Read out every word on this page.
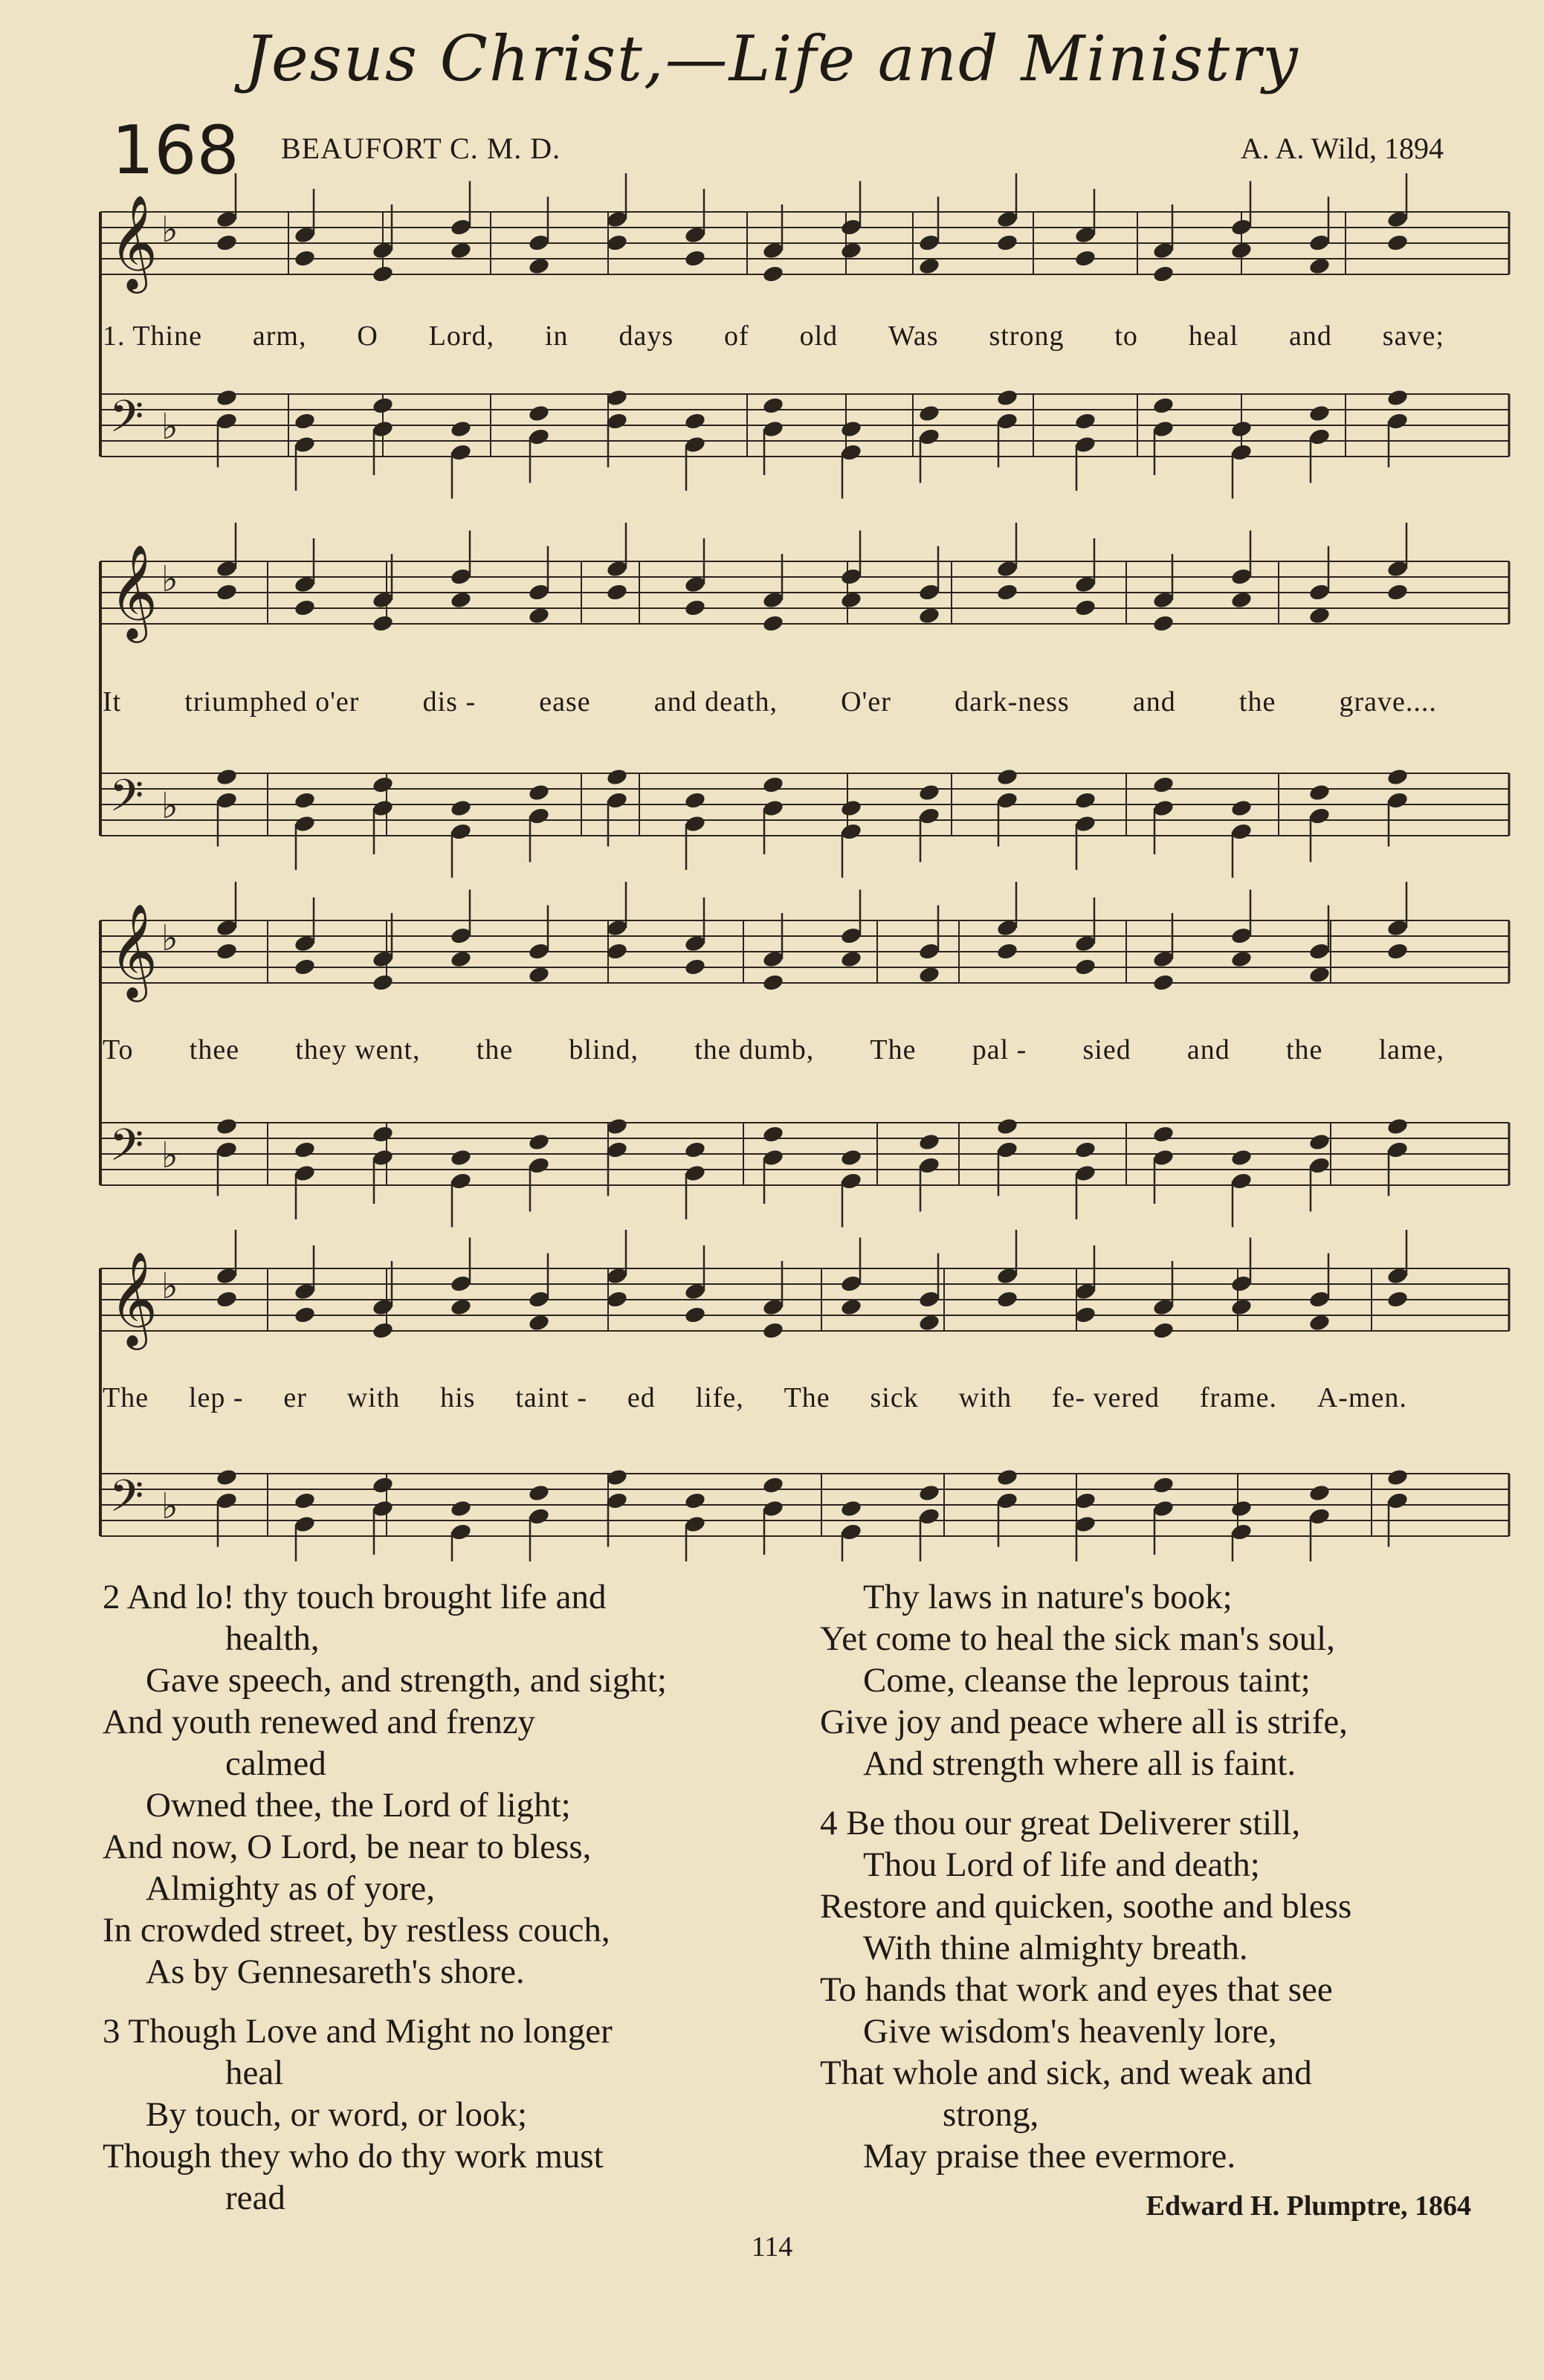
Jesus Christ,—Life and Ministry
168 BEAUFORT C. M. D.	A. A. Wild, 1894
𝄞 ♭
𝄢 ♭
𝄞 ♭
𝄢 ♭
𝄞 ♭
𝄢 ♭
𝄞 ♭
𝄢 ♭
1. Thine arm, O Lord, in days of old Was strong to heal and save;
It triumphed o'er dis - ease and death, O'er dark-ness and the grave....
To thee they went, the blind, the dumb, The pal - sied and the lame,
The lep - er with his taint - ed life, The sick with fe- vered frame. A-men.
2 And lo! thy touch brought life and
health,
Gave speech, and strength, and sight;
And youth renewed and frenzy
calmed
Owned thee, the Lord of light;
And now, O Lord, be near to bless,
Almighty as of yore,
In crowded street, by restless couch,
As by Gennesareth's shore.
3 Though Love and Might no longer
heal
By touch, or word, or look;
Though they who do thy work must
read
Thy laws in nature's book;
Yet come to heal the sick man's soul,
Come, cleanse the leprous taint;
Give joy and peace where all is strife,
And strength where all is faint.
4 Be thou our great Deliverer still,
Thou Lord of life and death;
Restore and quicken, soothe and bless
With thine almighty breath.
To hands that work and eyes that see
Give wisdom's heavenly lore,
That whole and sick, and weak and
strong,
May praise thee evermore.
Edward H. Plumptre, 1864
114
